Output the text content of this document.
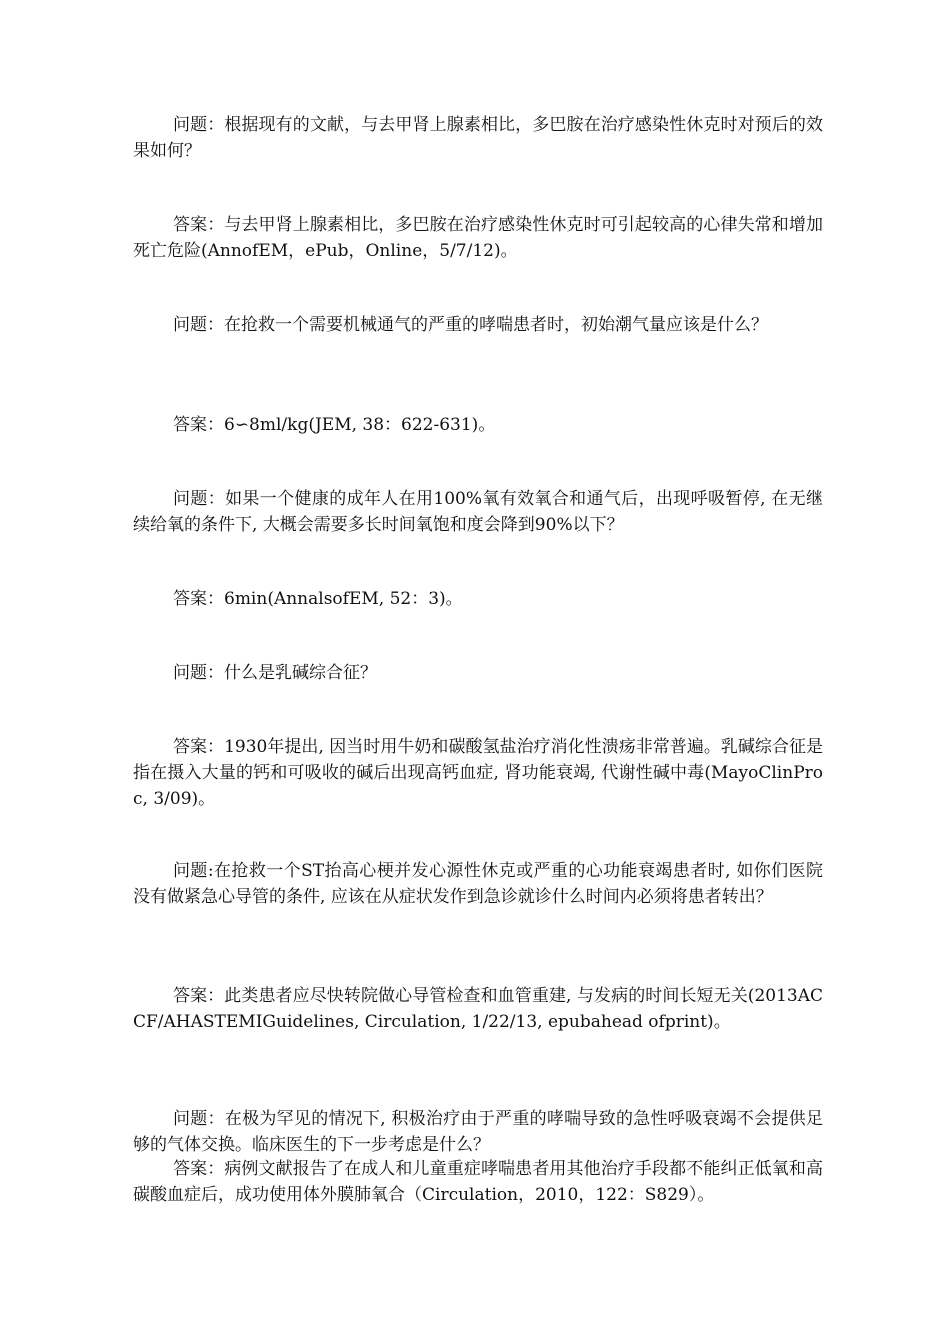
问题：根据现有的文献，与去甲肾上腺素相比，多巴胺在治疗感染性休克时对预后的效果如何？

答案：与去甲肾上腺素相比，多巴胺在治疗感染性休克时可引起较高的心律失常和增加死亡危险(AnnofEM，ePub，Online，5/7/12)。

问题：在抢救一个需要机械通气的严重的哮喘患者时，初始潮气量应该是什么？

答案：6∽8ml/kg(JEM, 38：622-631)。

问题：如果一个健康的成年人在用100%氧有效氧合和通气后，出现呼吸暂停, 在无继续给氧的条件下, 大概会需要多长时间氧饱和度会降到90%以下？

答案：6min(AnnalsofEM, 52：3)。

问题：什么是乳碱综合征？

答案：1930年提出, 因当时用牛奶和碳酸氢盐治疗消化性溃疡非常普遍。乳碱综合征是指在摄入大量的钙和可吸收的碱后出现高钙血症, 肾功能衰竭, 代谢性碱中毒(MayoClinProc, 3/09)。

问题:在抢救一个ST抬高心梗并发心源性休克或严重的心功能衰竭患者时, 如你们医院没有做紧急心导管的条件, 应该在从症状发作到急诊就诊什么时间内必须将患者转出？

答案：此类患者应尽快转院做心导管检查和血管重建, 与发病的时间长短无关(2013ACCF/AHASTEMIGuidelines, Circulation, 1/22/13, epubahead ofprint)。

问题：在极为罕见的情况下, 积极治疗由于严重的哮喘导致的急性呼吸衰竭不会提供足够的气体交换。临床医生的下一步考虑是什么？

答案：病例文献报告了在成人和儿童重症哮喘患者用其他治疗手段都不能纠正低氧和高碳酸血症后，成功使用体外膜肺氧合（Circulation，2010，122：S829）。
